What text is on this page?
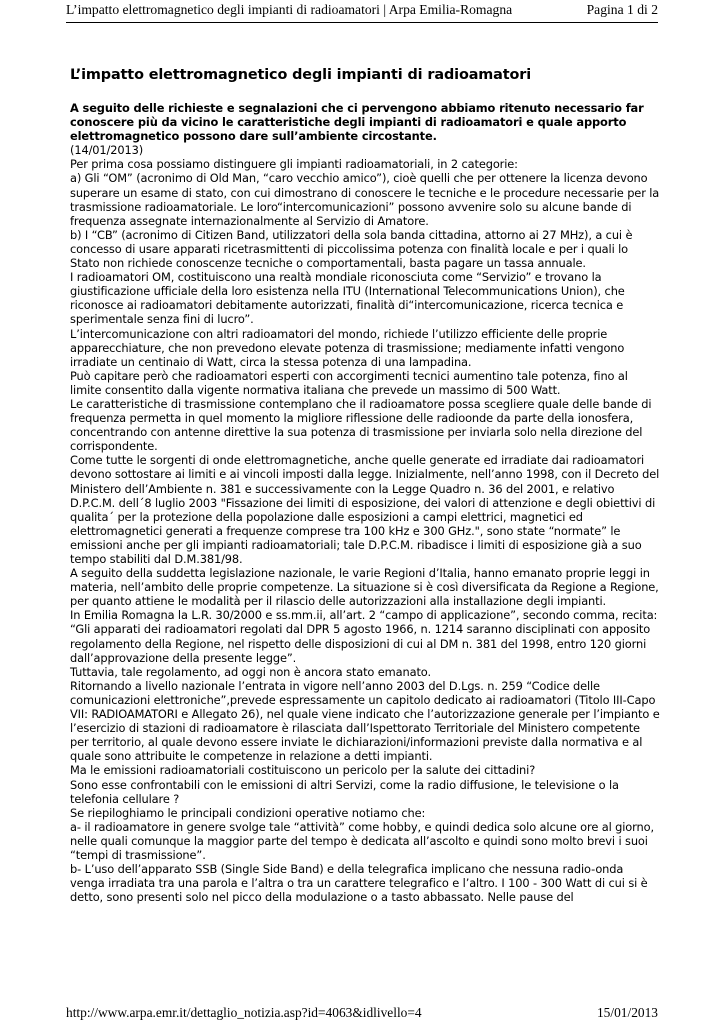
L’impatto elettromagnetico degli impianti di radioamatori | Arpa Emilia-Romagna	Pagina 1 di 2
L’impatto elettromagnetico degli impianti di radioamatori

A seguito delle richieste e segnalazioni che ci pervengono abbiamo ritenuto necessario far conoscere più da vicino le caratteristiche degli impianti di radioamatori e quale apporto elettromagnetico possono dare sull’ambiente circostante.

(14/01/2013)

Per prima cosa possiamo distinguere gli impianti radioamatoriali, in 2 categorie:

a) Gli “OM” (acronimo di Old Man, “caro vecchio amico”), cioè quelli che per ottenere la licenza devono superare un esame di stato, con cui dimostrano di conoscere le tecniche e le procedure necessarie per la trasmissione radioamatoriale. Le loro“intercomunicazioni” possono avvenire solo su alcune bande di frequenza assegnate internazionalmente al Servizio di Amatore.

b) I “CB” (acronimo di Citizen Band, utilizzatori della sola banda cittadina, attorno ai 27 MHz), a cui è concesso di usare apparati ricetrasmittenti di piccolissima potenza con finalità locale e per i quali lo Stato non richiede conoscenze tecniche o comportamentali, basta pagare un tassa annuale.

I radioamatori OM, costituiscono una realtà mondiale riconosciuta come “Servizio” e trovano la giustificazione ufficiale della loro esistenza nella ITU (International Telecommunications Union), che riconosce ai radioamatori debitamente autorizzati, finalità di“intercomunicazione, ricerca tecnica e sperimentale senza fini di lucro”.

L’intercomunicazione con altri radioamatori del mondo, richiede l’utilizzo efficiente delle proprie apparecchiature, che non prevedono elevate potenza di trasmissione; mediamente infatti vengono irradiate un centinaio di Watt, circa la stessa potenza di una lampadina.

Può capitare però che radioamatori esperti con accorgimenti tecnici aumentino tale potenza, fino al limite consentito dalla vigente normativa italiana che prevede un massimo di 500 Watt.

Le caratteristiche di trasmissione contemplano che il radioamatore possa scegliere quale delle bande di frequenza permetta in quel momento la migliore riflessione delle radioonde da parte della ionosfera, concentrando con antenne direttive la sua potenza di trasmissione per inviarla solo nella direzione del corrispondente.

Come tutte le sorgenti di onde elettromagnetiche, anche quelle generate ed irradiate dai radioamatori devono sottostare ai limiti e ai vincoli imposti dalla legge. Inizialmente, nell’anno 1998, con il Decreto del Ministero dell’Ambiente n. 381 e successivamente con la Legge Quadro n. 36 del 2001, e relativo D.P.C.M. dell´8 luglio 2003 "Fissazione dei limiti di esposizione, dei valori di attenzione e degli obiettivi di qualita´ per la protezione della popolazione dalle esposizioni a campi elettrici, magnetici ed elettromagnetici generati a frequenze comprese tra 100 kHz e 300 GHz.", sono state “normate” le emissioni anche per gli impianti radioamatoriali; tale D.P.C.M. ribadisce i limiti di esposizione già a suo tempo stabiliti dal D.M.381/98.

A seguito della suddetta legislazione nazionale, le varie Regioni d’Italia, hanno emanato proprie leggi in materia, nell’ambito delle proprie competenze. La situazione si è così diversificata da Regione a Regione, per quanto attiene le modalità per il rilascio delle autorizzazioni alla installazione degli impianti.

In Emilia Romagna la L.R. 30/2000 e ss.mm.ii, all’art. 2 “campo di applicazione”, secondo comma, recita: “Gli apparati dei radioamatori regolati dal DPR 5 agosto 1966, n. 1214 saranno disciplinati con apposito regolamento della Regione, nel rispetto delle disposizioni di cui al DM n. 381 del 1998, entro 120 giorni dall’approvazione della presente legge”.

Tuttavia, tale regolamento, ad oggi non è ancora stato emanato.

Ritornando a livello nazionale l’entrata in vigore nell’anno 2003 del D.Lgs. n. 259 “Codice delle comunicazioni elettroniche”,prevede espressamente un capitolo dedicato ai radioamatori (Titolo III-Capo VII: RADIOAMATORI e Allegato 26), nel quale viene indicato che l’autorizzazione generale per l’impianto e l’esercizio di stazioni di radioamatore è rilasciata dall’Ispettorato Territoriale del Ministero competente per territorio, al quale devono essere inviate le dichiarazioni/informazioni previste dalla normativa e al quale sono attribuite le competenze in relazione a detti impianti.

Ma le emissioni radioamatoriali costituiscono un pericolo per la salute dei cittadini?

Sono esse confrontabili con le emissioni di altri Servizi, come la radio diffusione, le televisione o la telefonia cellulare ?

Se riepiloghiamo le principali condizioni operative notiamo che:

a- il radioamatore in genere svolge tale “attività” come hobby, e quindi dedica solo alcune ore al giorno, nelle quali comunque la maggior parte del tempo è dedicata all’ascolto e quindi sono molto brevi i suoi “tempi di trasmissione”.

b- L’uso dell’apparato SSB (Single Side Band) e della telegrafica implicano che nessuna radio-onda venga irradiata tra una parola e l’altra o tra un carattere telegrafico e l’altro. I 100 - 300 Watt di cui si è detto, sono presenti solo nel picco della modulazione o a tasto abbassato. Nelle pause del

http://www.arpa.emr.it/dettaglio_notizia.asp?id=4063&idlivello=4	15/01/2013
